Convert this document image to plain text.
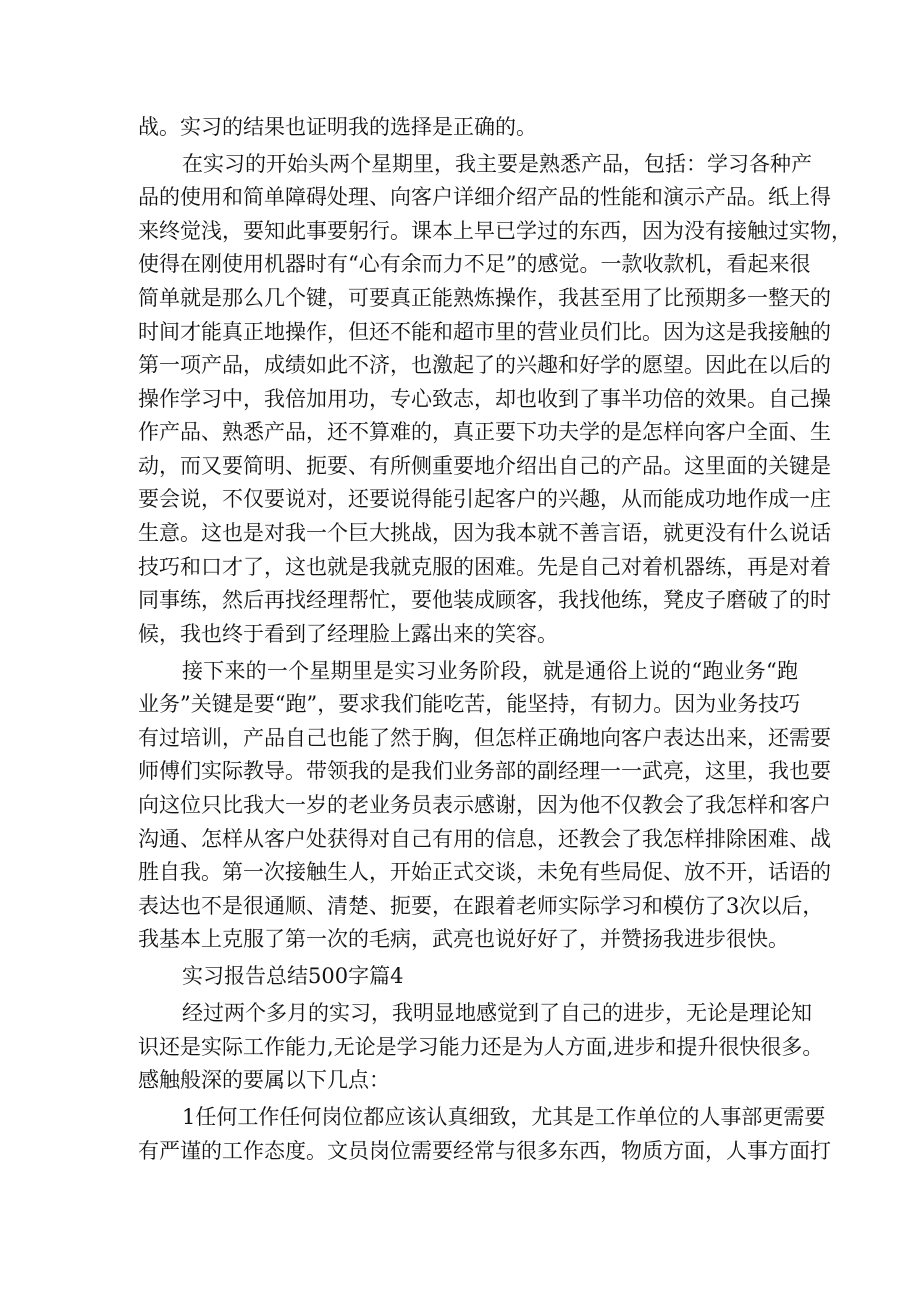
战。实习的结果也证明我的选择是正确的。
在实习的开始头两个星期里，我主要是熟悉产品，包括：学习各种产
品的使用和简单障碍处理、向客户详细介绍产品的性能和演示产品。纸上得
来终觉浅，要知此事要躬行。课本上早已学过的东西，因为没有接触过实物，
使得在刚使用机器时有“心有余而力不足”的感觉。一款收款机，看起来很
简单就是那么几个键，可要真正能熟炼操作，我甚至用了比预期多一整天的
时间才能真正地操作，但还不能和超市里的营业员们比。因为这是我接触的
第一项产品，成绩如此不济，也激起了的兴趣和好学的愿望。因此在以后的
操作学习中，我倍加用功，专心致志，却也收到了事半功倍的效果。自己操
作产品、熟悉产品，还不算难的，真正要下功夫学的是怎样向客户全面、生
动，而又要简明、扼要、有所侧重要地介绍出自己的产品。这里面的关键是
要会说，不仅要说对，还要说得能引起客户的兴趣，从而能成功地作成一庄
生意。这也是对我一个巨大挑战，因为我本就不善言语，就更没有什么说话
技巧和口才了，这也就是我就克服的困难。先是自己对着机器练，再是对着
同事练，然后再找经理帮忙，要他装成顾客，我找他练，凳皮子磨破了的时
候，我也终于看到了经理脸上露出来的笑容。
接下来的一个星期里是实习业务阶段，就是通俗上说的“跑业务“跑
业务”关键是要“跑”，要求我们能吃苦，能坚持，有韧力。因为业务技巧
有过培训，产品自己也能了然于胸，但怎样正确地向客户表达出来，还需要
师傅们实际教导。带领我的是我们业务部的副经理一一武亮，这里，我也要
向这位只比我大一岁的老业务员表示感谢，因为他不仅教会了我怎样和客户
沟通、怎样从客户处获得对自己有用的信息，还教会了我怎样排除困难、战
胜自我。第一次接触生人，开始正式交谈，未免有些局促、放不开，话语的
表达也不是很通顺、清楚、扼要，在跟着老师实际学习和模仿了3次以后，
我基本上克服了第一次的毛病，武亮也说好好了，并赞扬我进步很快。
实习报告总结500字篇4
经过两个多月的实习，我明显地感觉到了自己的进步，无论是理论知
识还是实际工作能力,无论是学习能力还是为人方面,进步和提升很快很多。
感触般深的要属以下几点：
1任何工作任何岗位都应该认真细致，尤其是工作单位的人事部更需要
有严谨的工作态度。文员岗位需要经常与很多东西，物质方面，人事方面打
